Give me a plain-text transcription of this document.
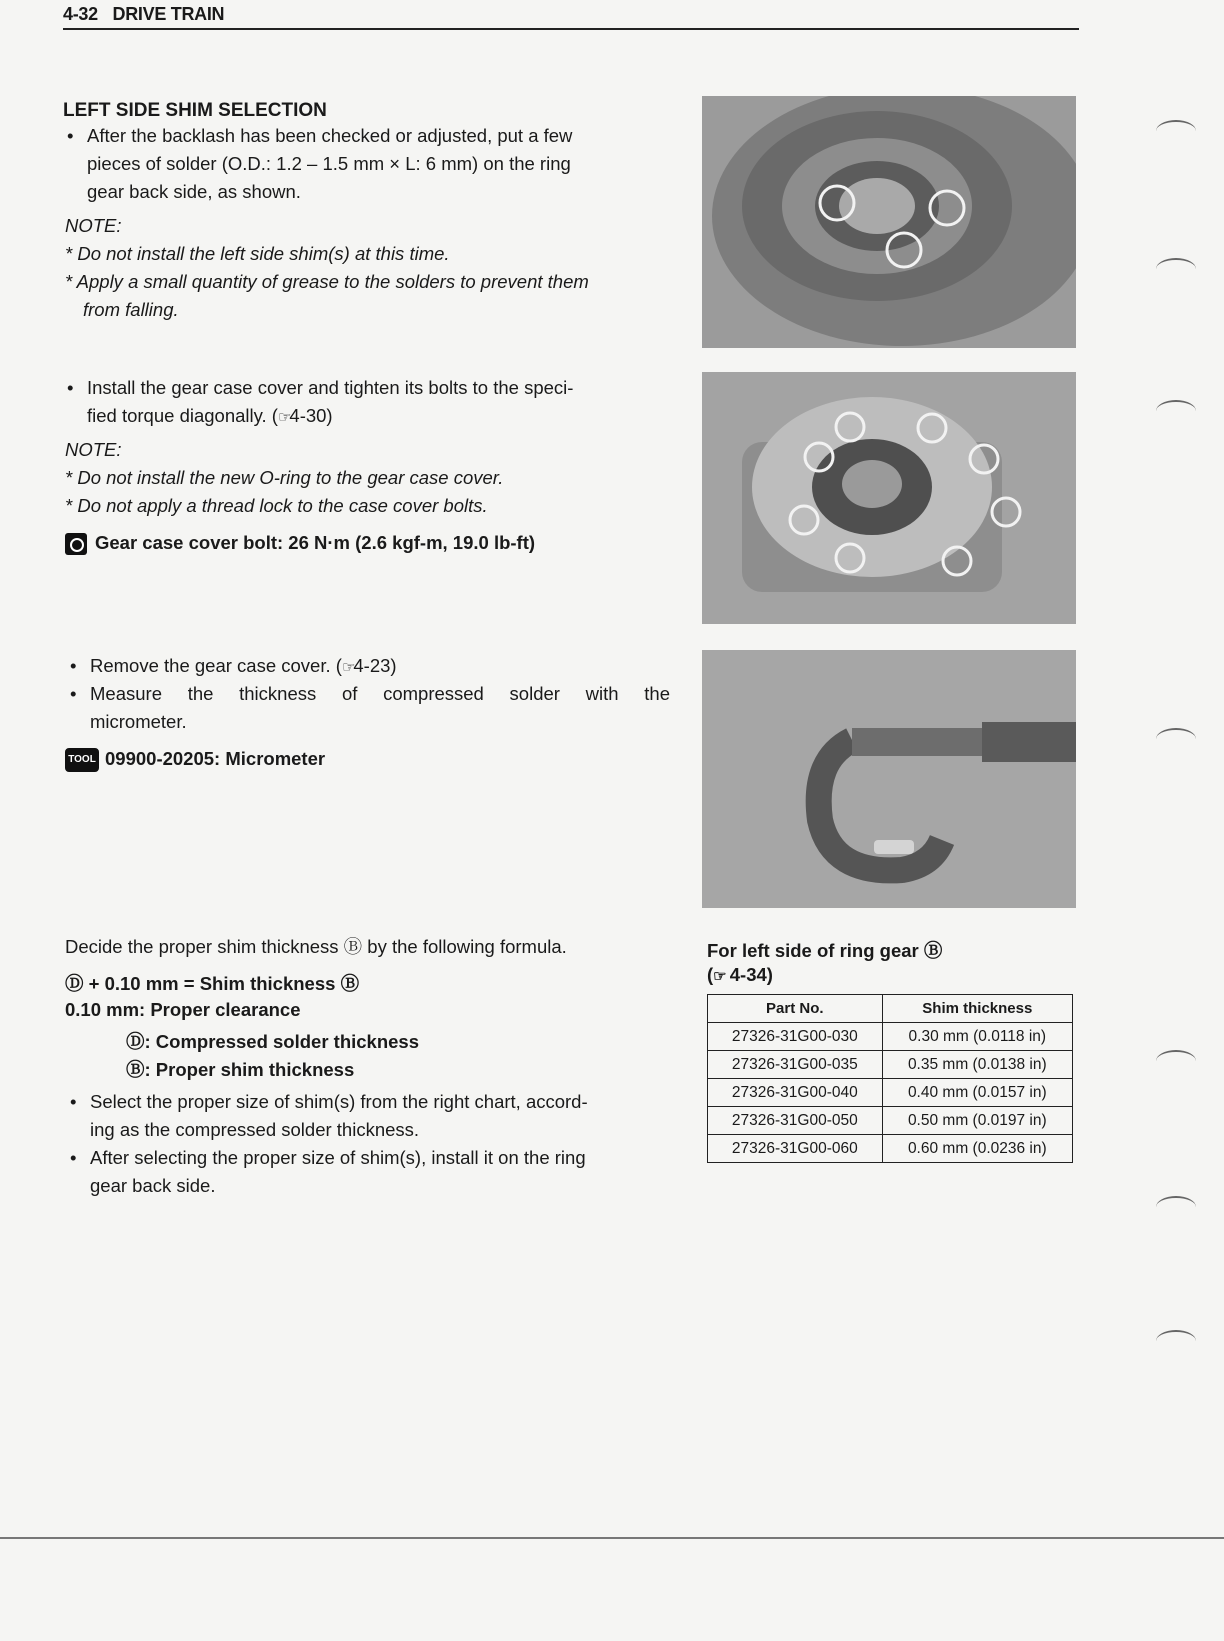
4-32 DRIVE TRAIN
LEFT SIDE SHIM SELECTION
• After the backlash has been checked or adjusted, put a few
pieces of solder (O.D.: 1.2 – 1.5 mm × L: 6 mm) on the ring
gear back side, as shown.
NOTE:
* Do not install the left side shim(s) at this time.
* Apply a small quantity of grease to the solders to prevent them
from falling.
• Install the gear case cover and tighten its bolts to the speci-
fied torque diagonally. (☞4-30)
NOTE:
* Do not install the new O-ring to the gear case cover.
* Do not apply a thread lock to the case cover bolts.
Gear case cover bolt: 26 N·m (2.6 kgf-m, 19.0 lb-ft)
• Remove the gear case cover. (☞4-23)
• Measure the thickness of compressed solder with the
micrometer.
TOOL 09900-20205: Micrometer
Decide the proper shim thickness Ⓑ by the following formula.
Ⓓ + 0.10 mm = Shim thickness Ⓑ
0.10 mm: Proper clearance
Ⓓ: Compressed solder thickness
Ⓑ: Proper shim thickness
• Select the proper size of shim(s) from the right chart, accord-
ing as the compressed solder thickness.
• After selecting the proper size of shim(s), install it on the ring
gear back side.
For left side of ring gear Ⓑ
(☞ 4-34)
Part No.	Shim thickness
27326-31G00-030	0.30 mm (0.0118 in)
27326-31G00-035	0.35 mm (0.0138 in)
27326-31G00-040	0.40 mm (0.0157 in)
27326-31G00-050	0.50 mm (0.0197 in)
27326-31G00-060	0.60 mm (0.0236 in)
